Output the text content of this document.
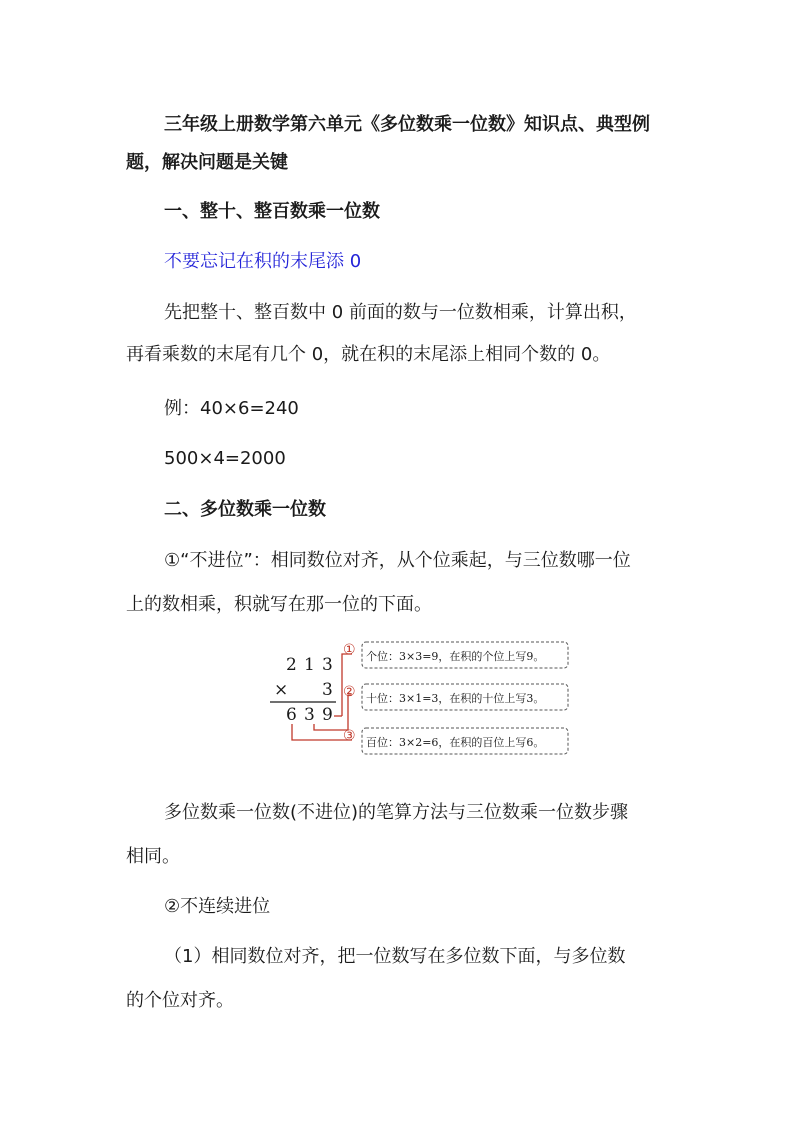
三年级上册数学第六单元《多位数乘一位数》知识点、典型例
题，解决问题是关键
一、整十、整百数乘一位数
不要忘记在积的末尾添 0
先把整十、整百数中 0 前面的数与一位数相乘，计算出积，
再看乘数的末尾有几个 0，就在积的末尾添上相同个数的 0。
例：40×6=240
500×4=2000
二、多位数乘一位数
①“不进位”：相同数位对齐，从个位乘起，与三位数哪一位
上的数相乘，积就写在那一位的下面。
2 1 3
× 3
6 3 9
①
②
③
个位：3×3=9，在积的个位上写9。
十位：3×1=3，在积的十位上写3。
百位：3×2=6，在积的百位上写6。
多位数乘一位数(不进位)的笔算方法与三位数乘一位数步骤
相同。
②不连续进位
（1）相同数位对齐，把一位数写在多位数下面，与多位数
的个位对齐。
